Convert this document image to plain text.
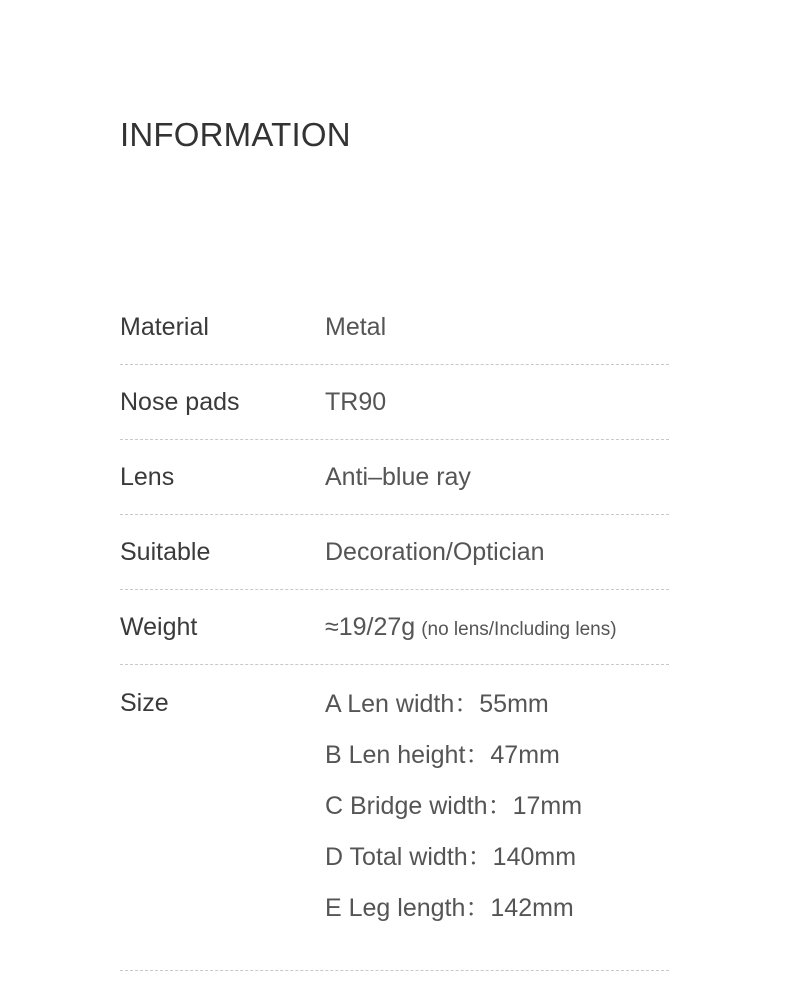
INFORMATION
Material	Metal
Nose pads	TR90
Lens	Anti–blue ray
Suitable	Decoration/Optician
Weight	≈19/27g (no lens/Including lens)
Size	A Len width：55mm
B Len height：47mm
C Bridge width：17mm
D Total width：140mm
E Leg length：142mm
